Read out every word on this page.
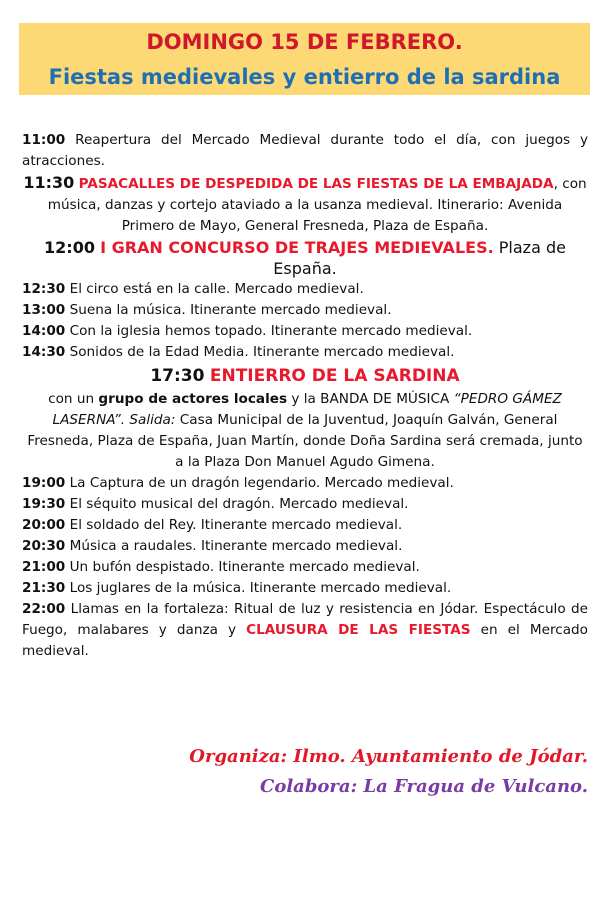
DOMINGO 15 DE FEBRERO.
Fiestas medievales y entierro de la sardina

11:00 Reapertura del Mercado Medieval durante todo el día, con juegos y atracciones.

11:30 PASACALLES DE DESPEDIDA DE LAS FIESTAS DE LA EMBAJADA, con música, danzas y cortejo ataviado a la usanza medieval. Itinerario: Avenida Primero de Mayo, General Fresneda, Plaza de España.

12:00 I GRAN CONCURSO DE TRAJES MEDIEVALES. Plaza de España.

12:30 El circo está en la calle. Mercado medieval.

13:00 Suena la música. Itinerante mercado medieval.

14:00 Con la iglesia hemos topado. Itinerante mercado medieval.

14:30 Sonidos de la Edad Media. Itinerante mercado medieval.

17:30 ENTIERRO DE LA SARDINA

con un grupo de actores locales y la BANDA DE MÚSICA “PEDRO GÁMEZ LASERNA”. Salida: Casa Municipal de la Juventud, Joaquín Galván, General Fresneda, Plaza de España, Juan Martín, donde Doña Sardina será cremada, junto a la Plaza Don Manuel Agudo Gimena.

19:00 La Captura de un dragón legendario. Mercado medieval.

19:30 El séquito musical del dragón. Mercado medieval.

20:00 El soldado del Rey. Itinerante mercado medieval.

20:30 Música a raudales. Itinerante mercado medieval.

21:00 Un bufón despistado. Itinerante mercado medieval.

21:30 Los juglares de la música. Itinerante mercado medieval.

22:00 Llamas en la fortaleza: Ritual de luz y resistencia en Jódar. Espectáculo de Fuego, malabares y danza y CLAUSURA DE LAS FIESTAS en el Mercado medieval.

Organiza: Ilmo. Ayuntamiento de Jódar.
Colabora: La Fragua de Vulcano.
